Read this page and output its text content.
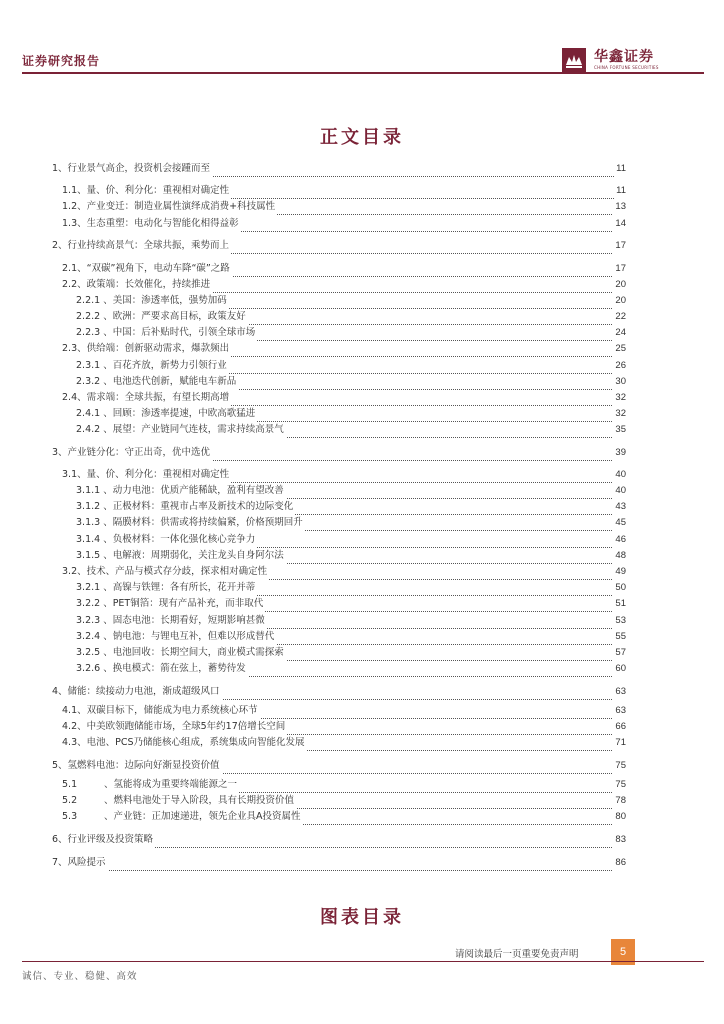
证券研究报告	华鑫证券
CHINA FORTUNE SECURITIES
正文目录
1、行业景气高企，投资机会接踵而至	11
1.1、量、价、利分化：重视相对确定性	11
1.2、产业变迁：制造业属性演绎成消费+科技属性	13
1.3、生态重塑：电动化与智能化相得益彰	14
2、行业持续高景气：全球共振，乘势而上	17
2.1、“双碳”视角下，电动车降“碳”之路	17
2.2、政策端：长效催化，持续推进	20
2.2.1 、美国：渗透率低，强势加码	20
2.2.2 、欧洲：严要求高目标，政策友好	22
2.2.3 、中国：后补贴时代，引领全球市场	24
2.3、供给端：创新驱动需求，爆款频出	25
2.3.1 、百花齐放，新势力引领行业	26
2.3.2 、电池迭代创新，赋能电车新品	30
2.4、需求端：全球共振，有望长期高增	32
2.4.1 、回顾：渗透率提速，中欧高歌猛进	32
2.4.2 、展望：产业链同气连枝，需求持续高景气	35
3、产业链分化：守正出奇，优中选优	39
3.1、量、价、利分化：重视相对确定性	40
3.1.1 、动力电池：优质产能稀缺，盈利有望改善	40
3.1.2 、正极材料：重视市占率及新技术的边际变化	43
3.1.3 、隔膜材料：供需或将持续偏紧，价格预期回升	45
3.1.4 、负极材料：一体化强化核心竞争力	46
3.1.5 、电解液：周期弱化，关注龙头自身阿尔法	48
3.2、技术、产品与模式存分歧，探求相对确定性	49
3.2.1 、高镍与铁锂：各有所长，花开并蒂	50
3.2.2 、PET铜箔：现有产品补充，而非取代	51
3.2.3 、固态电池：长期看好，短期影响甚微	53
3.2.4 、钠电池：与锂电互补，但难以形成替代	55
3.2.5 、电池回收：长期空间大，商业模式需探索	57
3.2.6 、换电模式：箭在弦上，蓄势待发	60
4、储能：续接动力电池，渐成超级风口	63
4.1、双碳目标下，储能成为电力系统核心环节	63
4.2、中美欧领跑储能市场，全球5年约17倍增长空间	66
4.3、电池、PCS乃储能核心组成，系统集成向智能化发展	71
5、氢燃料电池：边际向好渐显投资价值	75
5.1	、氢能将成为重要终端能源之一	75
5.2	、燃料电池处于导入阶段，具有长期投资价值	78
5.3	、产业链：正加速递进，领先企业具A投资属性	80
6、行业评级及投资策略	83
7、风险提示	86
图表目录
请阅读最后一页重要免责声明	5
诚信、专业、稳健、高效
